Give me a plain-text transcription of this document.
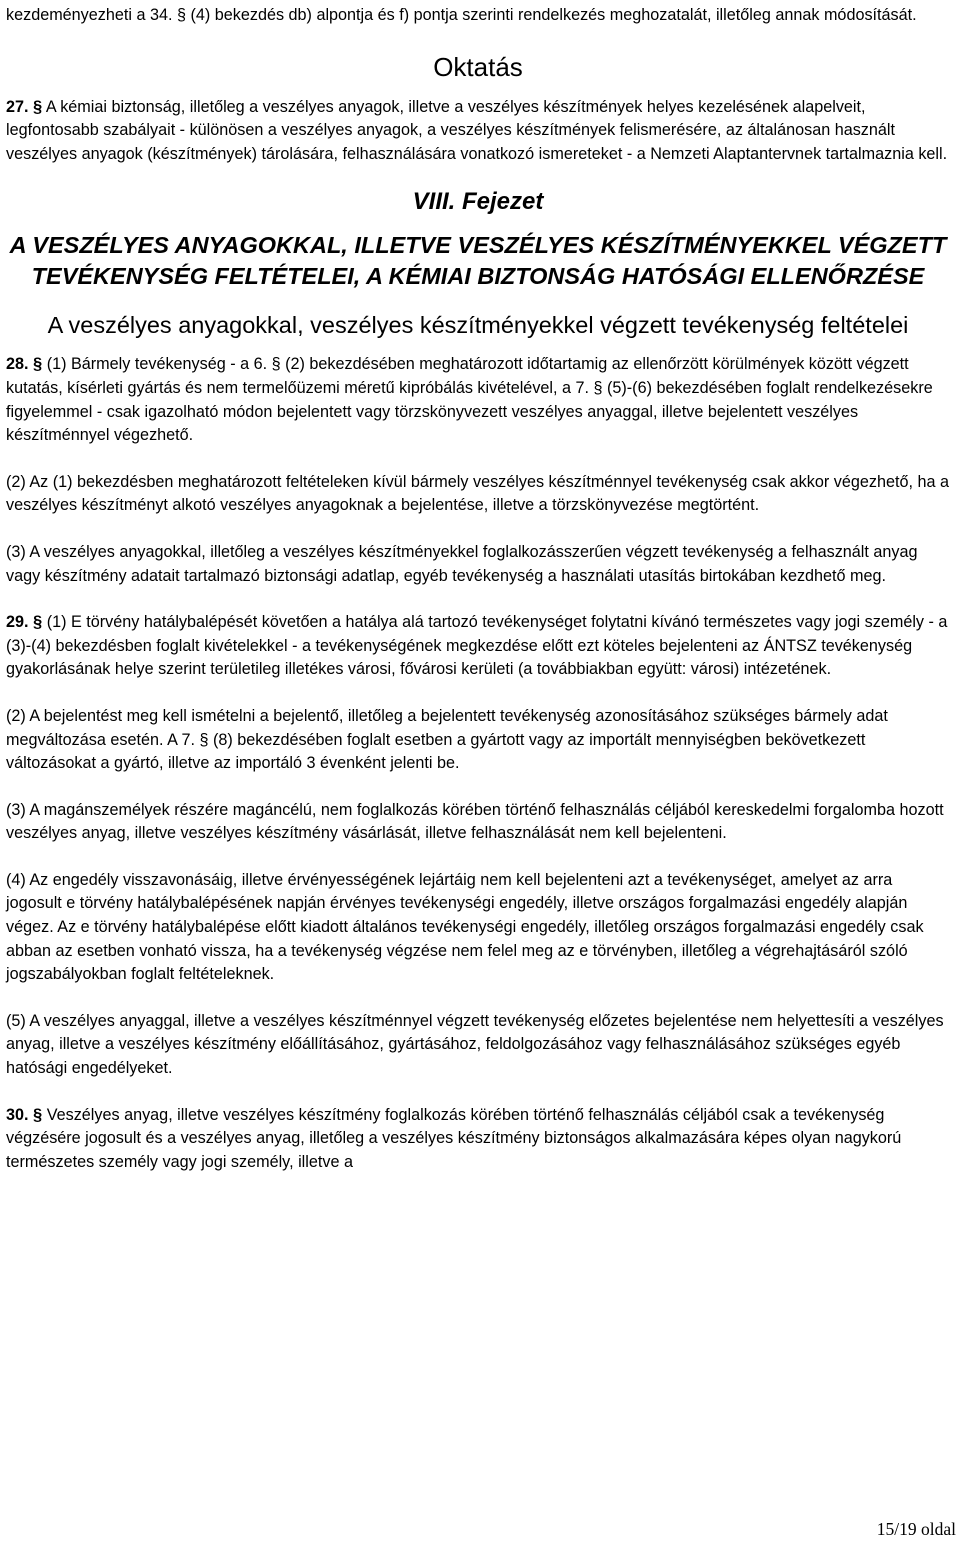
kezdeményezheti a 34. § (4) bekezdés db) alpontja és f) pontja szerinti rendelkezés meghozatalát, illetőleg annak módosítását.

Oktatás

27. § A kémiai biztonság, illetőleg a veszélyes anyagok, illetve a veszélyes készítmények helyes kezelésének alapelveit, legfontosabb szabályait - különösen a veszélyes anyagok, a veszélyes készítmények felismerésére, az általánosan használt veszélyes anyagok (készítmények) tárolására, felhasználására vonatkozó ismereteket - a Nemzeti Alaptantervnek tartalmaznia kell.

VIII. Fejezet
A VESZÉLYES ANYAGOKKAL, ILLETVE VESZÉLYES KÉSZÍTMÉNYEKKEL VÉGZETT TEVÉKENYSÉG FELTÉTELEI, A KÉMIAI BIZTONSÁG HATÓSÁGI ELLENŐRZÉSE
A veszélyes anyagokkal, veszélyes készítményekkel végzett tevékenység feltételei

28. § (1) Bármely tevékenység - a 6. § (2) bekezdésében meghatározott időtartamig az ellenőrzött körülmények között végzett kutatás, kísérleti gyártás és nem termelőüzemi méretű kipróbálás kivételével, a 7. § (5)-(6) bekezdésében foglalt rendelkezésekre figyelemmel - csak igazolható módon bejelentett vagy törzskönyvezett veszélyes anyaggal, illetve bejelentett veszélyes készítménnyel végezhető.

(2) Az (1) bekezdésben meghatározott feltételeken kívül bármely veszélyes készítménnyel tevékenység csak akkor végezhető, ha a veszélyes készítményt alkotó veszélyes anyagoknak a bejelentése, illetve a törzskönyvezése megtörtént.

(3) A veszélyes anyagokkal, illetőleg a veszélyes készítményekkel foglalkozásszerűen végzett tevékenység a felhasznált anyag vagy készítmény adatait tartalmazó biztonsági adatlap, egyéb tevékenység a használati utasítás birtokában kezdhető meg.

29. § (1) E törvény hatálybalépését követően a hatálya alá tartozó tevékenységet folytatni kívánó természetes vagy jogi személy - a (3)-(4) bekezdésben foglalt kivételekkel - a tevékenységének megkezdése előtt ezt köteles bejelenteni az ÁNTSZ tevékenység gyakorlásának helye szerint területileg illetékes városi, fővárosi kerületi (a továbbiakban együtt: városi) intézetének.

(2) A bejelentést meg kell ismételni a bejelentő, illetőleg a bejelentett tevékenység azonosításához szükséges bármely adat megváltozása esetén. A 7. § (8) bekezdésében foglalt esetben a gyártott vagy az importált mennyiségben bekövetkezett változásokat a gyártó, illetve az importáló 3 évenként jelenti be.

(3) A magánszemélyek részére magáncélú, nem foglalkozás körében történő felhasználás céljából kereskedelmi forgalomba hozott veszélyes anyag, illetve veszélyes készítmény vásárlását, illetve felhasználását nem kell bejelenteni.

(4) Az engedély visszavonásáig, illetve érvényességének lejártáig nem kell bejelenteni azt a tevékenységet, amelyet az arra jogosult e törvény hatálybalépésének napján érvényes tevékenységi engedély, illetve országos forgalmazási engedély alapján végez. Az e törvény hatálybalépése előtt kiadott általános tevékenységi engedély, illetőleg országos forgalmazási engedély csak abban az esetben vonható vissza, ha a tevékenység végzése nem felel meg az e törvényben, illetőleg a végrehajtásáról szóló jogszabályokban foglalt feltételeknek.

(5) A veszélyes anyaggal, illetve a veszélyes készítménnyel végzett tevékenység előzetes bejelentése nem helyettesíti a veszélyes anyag, illetve a veszélyes készítmény előállításához, gyártásához, feldolgozásához vagy felhasználásához szükséges egyéb hatósági engedélyeket.

30. § Veszélyes anyag, illetve veszélyes készítmény foglalkozás körében történő felhasználás céljából csak a tevékenység végzésére jogosult és a veszélyes anyag, illetőleg a veszélyes készítmény biztonságos alkalmazására képes olyan nagykorú természetes személy vagy jogi személy, illetve a

15/19 oldal
